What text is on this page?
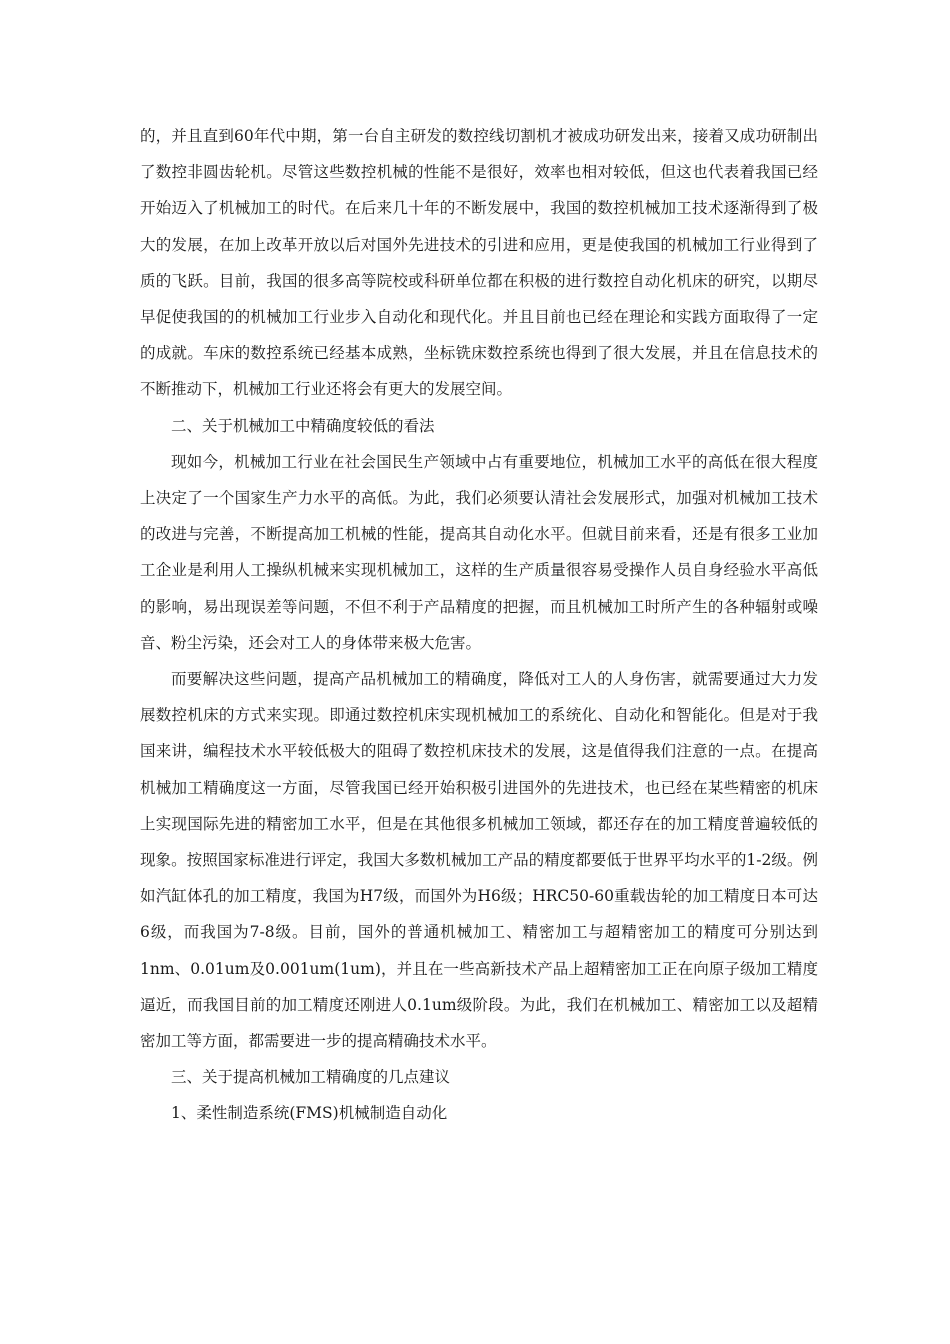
的，并且直到60年代中期，第一台自主研发的数控线切割机才被成功研发出来，接着又成功研制出了数控非圆齿轮机。尽管这些数控机械的性能不是很好，效率也相对较低，但这也代表着我国已经开始迈入了机械加工的时代。在后来几十年的不断发展中，我国的数控机械加工技术逐渐得到了极大的发展，在加上改革开放以后对国外先进技术的引进和应用，更是使我国的机械加工行业得到了质的飞跃。目前，我国的很多高等院校或科研单位都在积极的进行数控自动化机床的研究，以期尽早促使我国的的机械加工行业步入自动化和现代化。并且目前也已经在理论和实践方面取得了一定的成就。车床的数控系统已经基本成熟，坐标铣床数控系统也得到了很大发展，并且在信息技术的不断推动下，机械加工行业还将会有更大的发展空间。

二、关于机械加工中精确度较低的看法

现如今，机械加工行业在社会国民生产领域中占有重要地位，机械加工水平的高低在很大程度上决定了一个国家生产力水平的高低。为此，我们必须要认清社会发展形式，加强对机械加工技术的改进与完善，不断提高加工机械的性能，提高其自动化水平。但就目前来看，还是有很多工业加工企业是利用人工操纵机械来实现机械加工，这样的生产质量很容易受操作人员自身经验水平高低的影响，易出现误差等问题，不但不利于产品精度的把握，而且机械加工时所产生的各种辐射或噪音、粉尘污染，还会对工人的身体带来极大危害。

而要解决这些问题，提高产品机械加工的精确度，降低对工人的人身伤害，就需要通过大力发展数控机床的方式来实现。即通过数控机床实现机械加工的系统化、自动化和智能化。但是对于我国来讲，编程技术水平较低极大的阻碍了数控机床技术的发展，这是值得我们注意的一点。在提高机械加工精确度这一方面，尽管我国已经开始积极引进国外的先进技术，也已经在某些精密的机床上实现国际先进的精密加工水平，但是在其他很多机械加工领域，都还存在的加工精度普遍较低的现象。按照国家标准进行评定，我国大多数机械加工产品的精度都要低于世界平均水平的1-2级。例如汽缸体孔的加工精度，我国为H7级，而国外为H6级；HRC50-60重载齿轮的加工精度日本可达6级，而我国为7-8级。目前，国外的普通机械加工、精密加工与超精密加工的精度可分别达到1nm、0.01um及0.001um(1um)，并且在一些高新技术产品上超精密加工正在向原子级加工精度逼近，而我国目前的加工精度还刚进人0.1um级阶段。为此，我们在机械加工、精密加工以及超精密加工等方面，都需要进一步的提高精确技术水平。

三、关于提高机械加工精确度的几点建议

1、柔性制造系统(FMS)机械制造自动化
